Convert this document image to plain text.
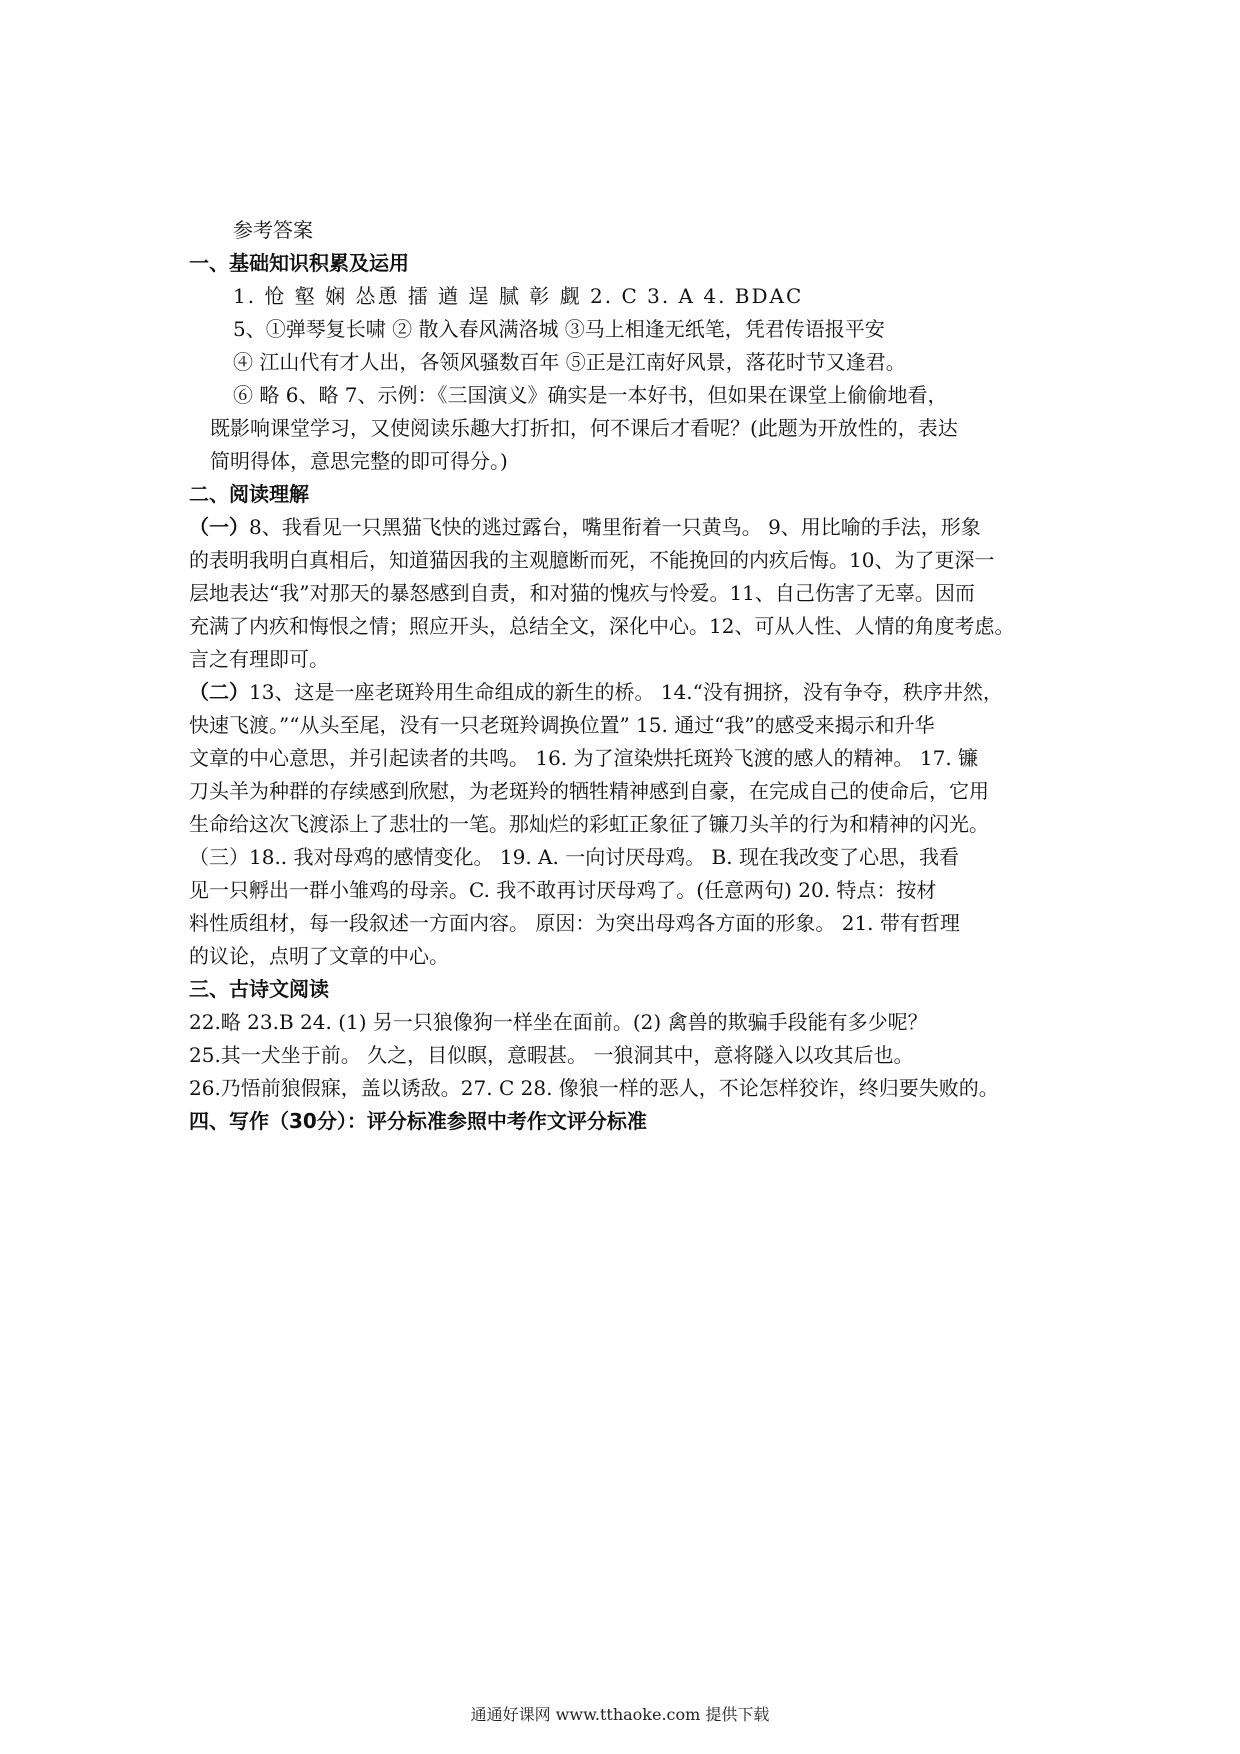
参考答案
一、基础知识积累及运用
1. 怆 壑 娴 怂恿 擂 遒 逞 腻 彰 觑 2. C 3. A 4. BDAC
5、①弹琴复长啸 ② 散入春风满洛城 ③马上相逢无纸笔，凭君传语报平安
④ 江山代有才人出，各领风骚数百年 ⑤正是江南好风景，落花时节又逢君。
⑥ 略 6、略 7、示例：《三国演义》确实是一本好书，但如果在课堂上偷偷地看，
既影响课堂学习，又使阅读乐趣大打折扣，何不课后才看呢？(此题为开放性的，表达
简明得体，意思完整的即可得分。)
二、阅读理解
（一）8、我看见一只黑猫飞快的逃过露台，嘴里衔着一只黄鸟。 9、用比喻的手法，形象
的表明我明白真相后，知道猫因我的主观臆断而死，不能挽回的内疚后悔。10、为了更深一
层地表达“我”对那天的暴怒感到自责，和对猫的愧疚与怜爱。11、自己伤害了无辜。因而
充满了内疚和悔恨之情；照应开头，总结全文，深化中心。12、可从人性、人情的角度考虑。
言之有理即可。
（二）13、这是一座老斑羚用生命组成的新生的桥。 14.“没有拥挤，没有争夺，秩序井然，
快速飞渡。”“从头至尾，没有一只老斑羚调换位置” 15. 通过“我”的感受来揭示和升华
文章的中心意思，并引起读者的共鸣。 16. 为了渲染烘托斑羚飞渡的感人的精神。 17. 镰
刀头羊为种群的存续感到欣慰，为老斑羚的牺牲精神感到自豪，在完成自己的使命后，它用
生命给这次飞渡添上了悲壮的一笔。那灿烂的彩虹正象征了镰刀头羊的行为和精神的闪光。
（三）18.. 我对母鸡的感情变化。 19. A. 一向讨厌母鸡。 B. 现在我改变了心思，我看
见一只孵出一群小雏鸡的母亲。C. 我不敢再讨厌母鸡了。(任意两句) 20. 特点：按材
料性质组材，每一段叙述一方面内容。 原因：为突出母鸡各方面的形象。 21. 带有哲理
的议论，点明了文章的中心。
三、古诗文阅读
22.略 23.B 24. (1) 另一只狼像狗一样坐在面前。(2) 禽兽的欺骗手段能有多少呢？
25.其一犬坐于前。 久之，目似瞑，意暇甚。 一狼洞其中，意将隧入以攻其后也。
26.乃悟前狼假寐，盖以诱敌。27. C 28. 像狼一样的恶人，不论怎样狡诈，终归要失败的。
四、写作（30分）：评分标准参照中考作文评分标准
通通好课网 www.tthaoke.com 提供下载
